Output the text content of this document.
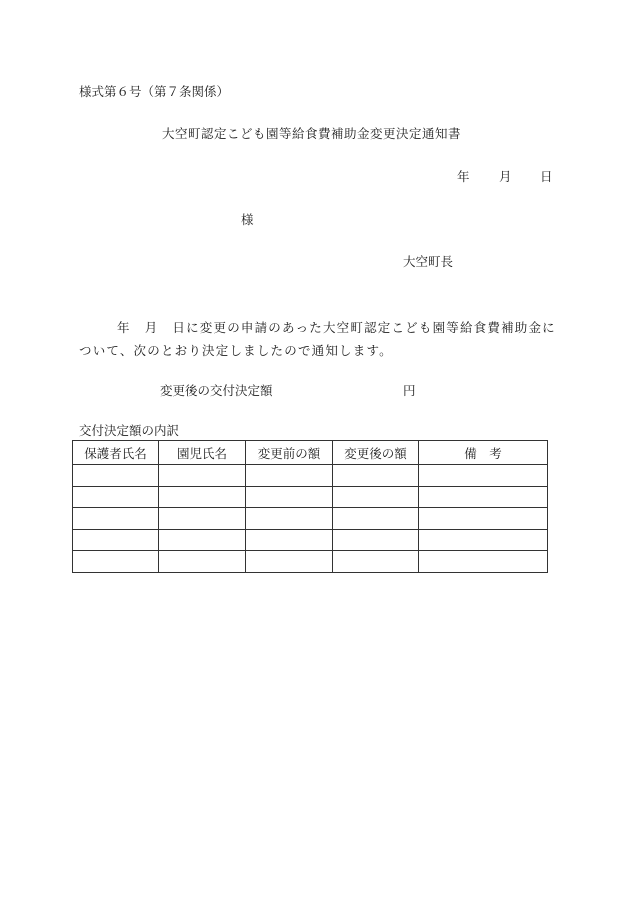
様式第６号（第７条関係）
大空町認定こども園等給食費補助金変更決定通知書
年 月 日
様
大空町長
年 月 日に変更の申請のあった大空町認定こども園等給食費補助金に
ついて、次のとおり決定しましたので通知します。
変更後の交付決定額	円
交付決定額の内訳
保護者氏名	園児氏名	変更前の額	変更後の額	備　考
